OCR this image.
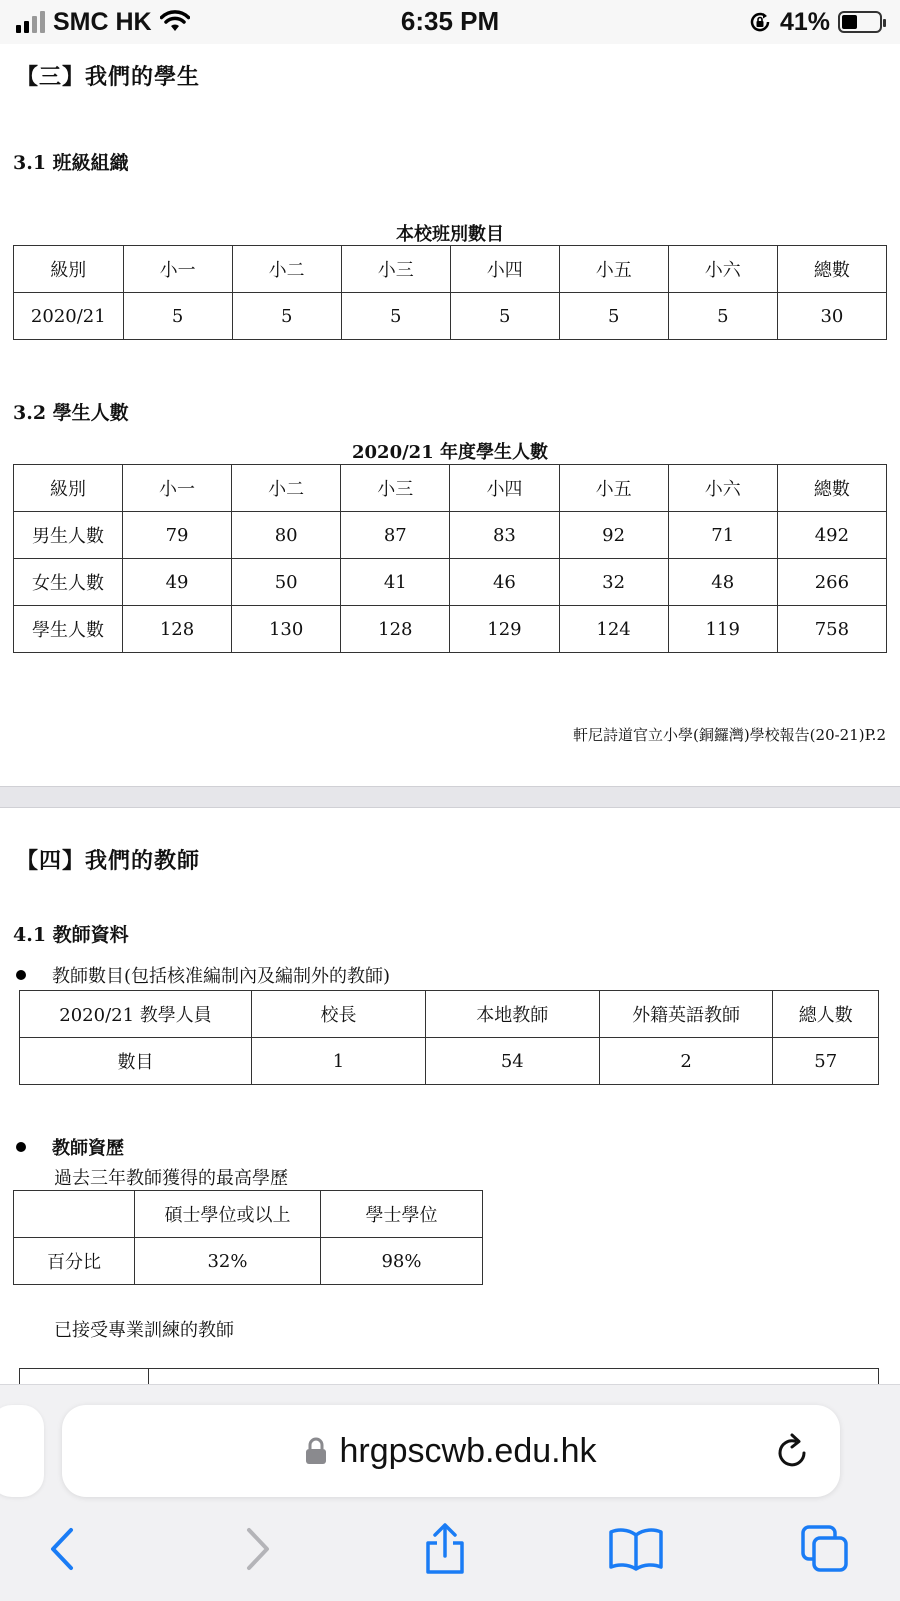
SMC HK	6:35 PM	41%
【三】我們的學生
3.1 班級組織
本校班別數目
級別	小一	小二	小三	小四	小五	小六	總數
2020/21	5	5	5	5	5	5	30
3.2 學生人數
2020/21 年度學生人數
級別	小一	小二	小三	小四	小五	小六	總數
男生人數	79	80	87	83	92	71	492
女生人數	49	50	41	46	32	48	266
學生人數	128	130	128	129	124	119	758
軒尼詩道官立小學(銅鑼灣)學校報告(20-21)P.2
【四】我們的教師
4.1 教師資料
教師數目(包括核准編制內及編制外的教師)
2020/21 教學人員	校長	本地教師	外籍英語教師	總人數
數目	1	54	2	57
教師資歷
過去三年教師獲得的最高學歷
	碩士學位或以上	學士學位
百分比	32%	98%
已接受專業訓練的教師
hrgpscwb.edu.hk
